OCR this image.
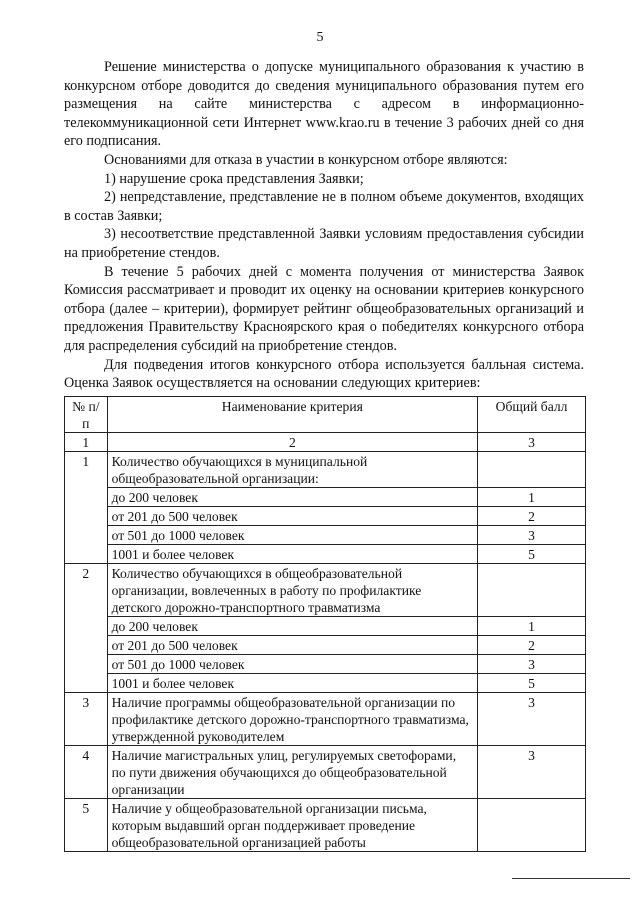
5

Решение министерства о допуске муниципального образования к участию в конкурсном отборе доводится до сведения муниципального образования путем его размещения на сайте министерства с адресом в информационно-телекоммуникационной сети Интернет www.krao.ru в течение 3 рабочих дней со дня его подписания.

Основаниями для отказа в участии в конкурсном отборе являются:

1) нарушение срока представления Заявки;

2) непредставление, представление не в полном объеме документов, входящих в состав Заявки;

3) несоответствие представленной Заявки условиям предоставления субсидии на приобретение стендов.

В течение 5 рабочих дней с момента получения от министерства Заявок Комиссия рассматривает и проводит их оценку на основании критериев конкурсного отбора (далее – критерии), формирует рейтинг общеобразовательных организаций и предложения Правительству Красноярского края о победителях конкурсного отбора для распределения субсидий на приобретение стендов.

Для подведения итогов конкурсного отбора используется балльная система. Оценка Заявок осуществляется на основании следующих критериев:

№ п/п	Наименование критерия	Общий балл
1	2	3
1	Количество обучающихся в муниципальной общеобразовательной организации:	
	до 200 человек	1
	от 201 до 500 человек	2
	от 501 до 1000 человек	3
	1001 и более человек	5
2	Количество обучающихся в общеобразовательной организации, вовлеченных в работу по профилактике детского дорожно-транспортного травматизма	
	до 200 человек	1
	от 201 до 500 человек	2
	от 501 до 1000 человек	3
	1001 и более человек	5
3	Наличие программы общеобразовательной организации по профилактике детского дорожно-транспортного травматизма, утвержденной руководителем	3
4	Наличие магистральных улиц, регулируемых светофорами, по пути движения обучающихся до общеобразовательной организации	3
5	Наличие у общеобразовательной организации письма, которым выдавший орган поддерживает проведение общеобразовательной организацией работы	
